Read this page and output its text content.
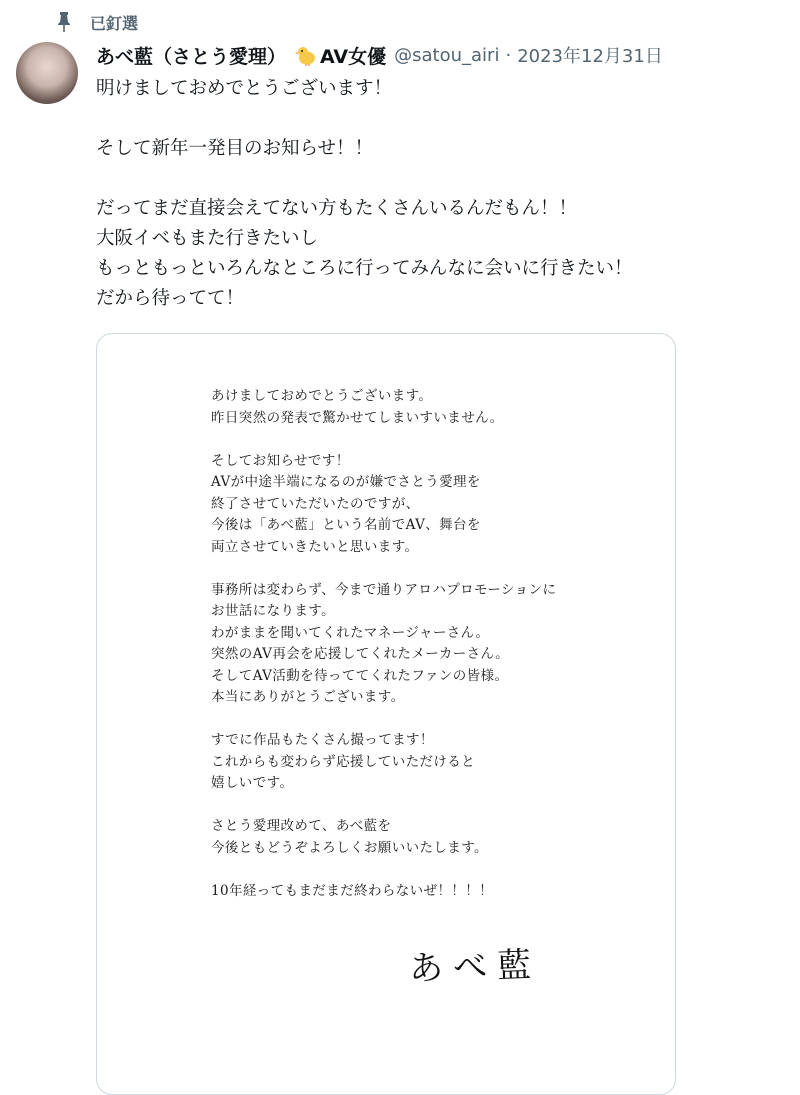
已釘選
あべ藍（さとう愛理） AV女優 @satou_airi · 2023年12月31日

明けましておめでとうございます！

そして新年一発目のお知らせ！！

だってまだ直接会えてない方もたくさんいるんだもん！！

大阪イベもまた行きたいし

もっともっといろんなところに行ってみんなに会いに行きたい！

だから待ってて！

あけましておめでとうございます。

昨日突然の発表で驚かせてしまいすいません。

そしてお知らせです！

AVが中途半端になるのが嫌でさとう愛理を

終了させていただいたのですが、

今後は「あべ藍」という名前でAV、舞台を

両立させていきたいと思います。

事務所は変わらず、今まで通りアロハプロモーションに

お世話になります。

わがままを聞いてくれたマネージャーさん。

突然のAV再会を応援してくれたメーカーさん。

そしてAV活動を待っててくれたファンの皆様。

本当にありがとうございます。

すでに作品もたくさん撮ってます！

これからも変わらず応援していただけると

嬉しいです。

さとう愛理改めて、あべ藍を

今後ともどうぞよろしくお願いいたします。

10年経ってもまだまだ終わらないぜ！！！！

あべ藍
